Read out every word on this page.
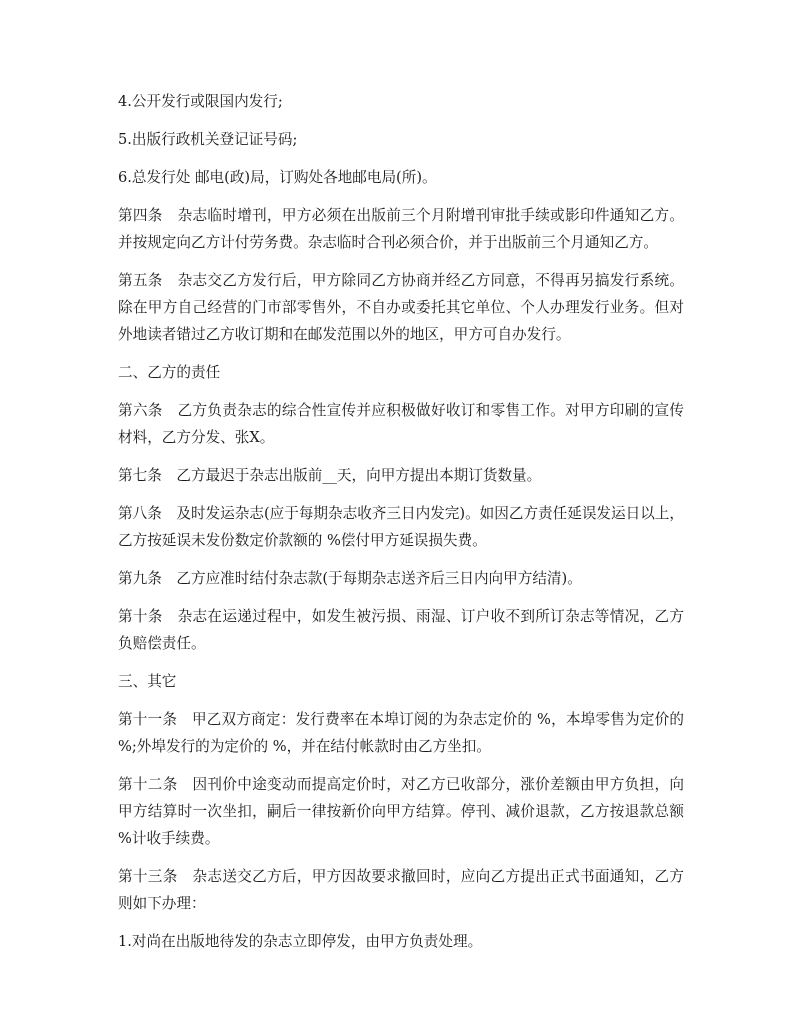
4.公开发行或限国内发行;

5.出版行政机关登记证号码;

6.总发行处 邮电(政)局，订购处各地邮电局(所)。

第四条　杂志临时增刊，甲方必须在出版前三个月附增刊审批手续或影印件通知乙方。并按规定向乙方计付劳务费。杂志临时合刊必须合价，并于出版前三个月通知乙方。

第五条　杂志交乙方发行后，甲方除同乙方协商并经乙方同意，不得再另搞发行系统。除在甲方自己经营的门市部零售外，不自办或委托其它单位、个人办理发行业务。但对外地读者错过乙方收订期和在邮发范围以外的地区，甲方可自办发行。

二、乙方的责任

第六条　乙方负责杂志的综合性宣传并应积极做好收订和零售工作。对甲方印刷的宣传材料，乙方分发、张X。

第七条　乙方最迟于杂志出版前__天，向甲方提出本期订货数量。

第八条　及时发运杂志(应于每期杂志收齐三日内发完)。如因乙方责任延误发运日以上，乙方按延误未发份数定价款额的 %偿付甲方延误损失费。

第九条　乙方应准时结付杂志款(于每期杂志送齐后三日内向甲方结清)。

第十条　杂志在运递过程中，如发生被污损、雨湿、订户收不到所订杂志等情况，乙方负赔偿责任。

三、其它

第十一条　甲乙双方商定：发行费率在本埠订阅的为杂志定价的 %，本埠零售为定价的 %;外埠发行的为定价的 %，并在结付帐款时由乙方坐扣。

第十二条　因刊价中途变动而提高定价时，对乙方已收部分，涨价差额由甲方负担，向甲方结算时一次坐扣，嗣后一律按新价向甲方结算。停刊、减价退款，乙方按退款总额 %计收手续费。

第十三条　杂志送交乙方后，甲方因故要求撤回时，应向乙方提出正式书面通知，乙方则如下办理：

1.对尚在出版地待发的杂志立即停发，由甲方负责处理。
